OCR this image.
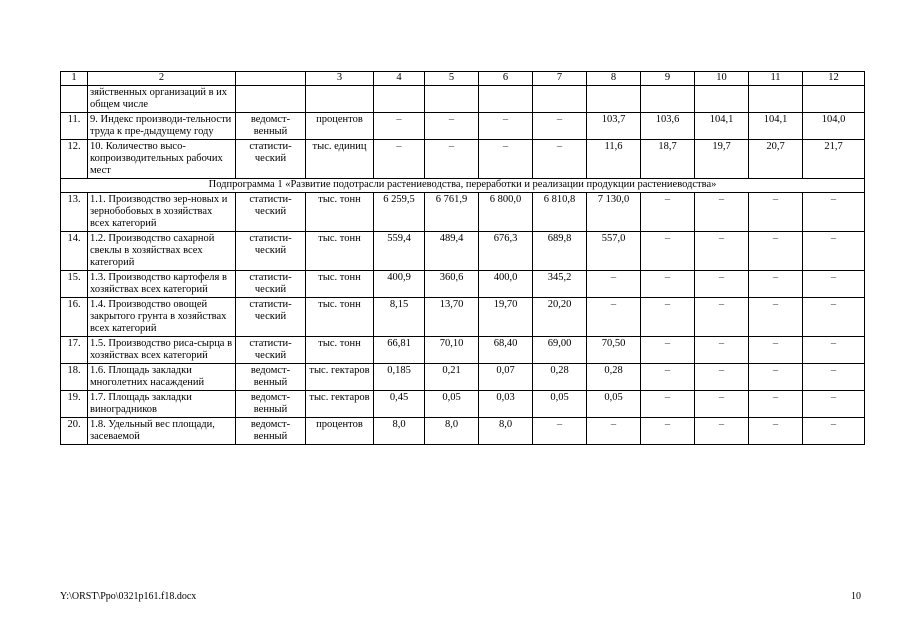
1	2		3	4	5	6	7	8	9	10	11	12
	зяйственных организаций в их общем числе											
11.	9. Индекс производи-тельности труда к пре-дыдущему году	ведомст-венный	процентов	–	–	–	–	103,7	103,6	104,1	104,1	104,0
12.	10. Количество высо-копроизводительных рабочих мест	статисти-ческий	тыс. единиц	–	–	–	–	11,6	18,7	19,7	20,7	21,7
Подпрограмма 1 «Развитие подотрасли растениеводства, переработки и реализации продукции растениеводства»												
13.	1.1. Производство зер-новых и зернобобовых в хозяйствах всех категорий	статисти-ческий	тыс. тонн	6 259,5	6 761,9	6 800,0	6 810,8	7 130,0	–	–	–	–
14.	1.2. Производство сахарной свеклы в хозяйствах всех категорий	статисти-ческий	тыс. тонн	559,4	489,4	676,3	689,8	557,0	–	–	–	–
15.	1.3. Производство картофеля в хозяйствах всех категорий	статисти-ческий	тыс. тонн	400,9	360,6	400,0	345,2	–	–	–	–	–
16.	1.4. Производство овощей закрытого грунта в хозяйствах всех категорий	статисти-ческий	тыс. тонн	8,15	13,70	19,70	20,20	–	–	–	–	–
17.	1.5. Производство риса-сырца в хозяйствах всех категорий	статисти-ческий	тыс. тонн	66,81	70,10	68,40	69,00	70,50	–	–	–	–
18.	1.6. Площадь закладки многолетних насаждений	ведомст-венный	тыс. гектаров	0,185	0,21	0,07	0,28	0,28	–	–	–	–
19.	1.7. Площадь закладки виноградников	ведомст-венный	тыс. гектаров	0,45	0,05	0,03	0,05	0,05	–	–	–	–
20.	1.8. Удельный вес площади, засеваемой	ведомст-венный	процентов	8,0	8,0	8,0	–	–	–	–	–	–
Y:\ORST\Ppo\0321p161.f18.docx	10
